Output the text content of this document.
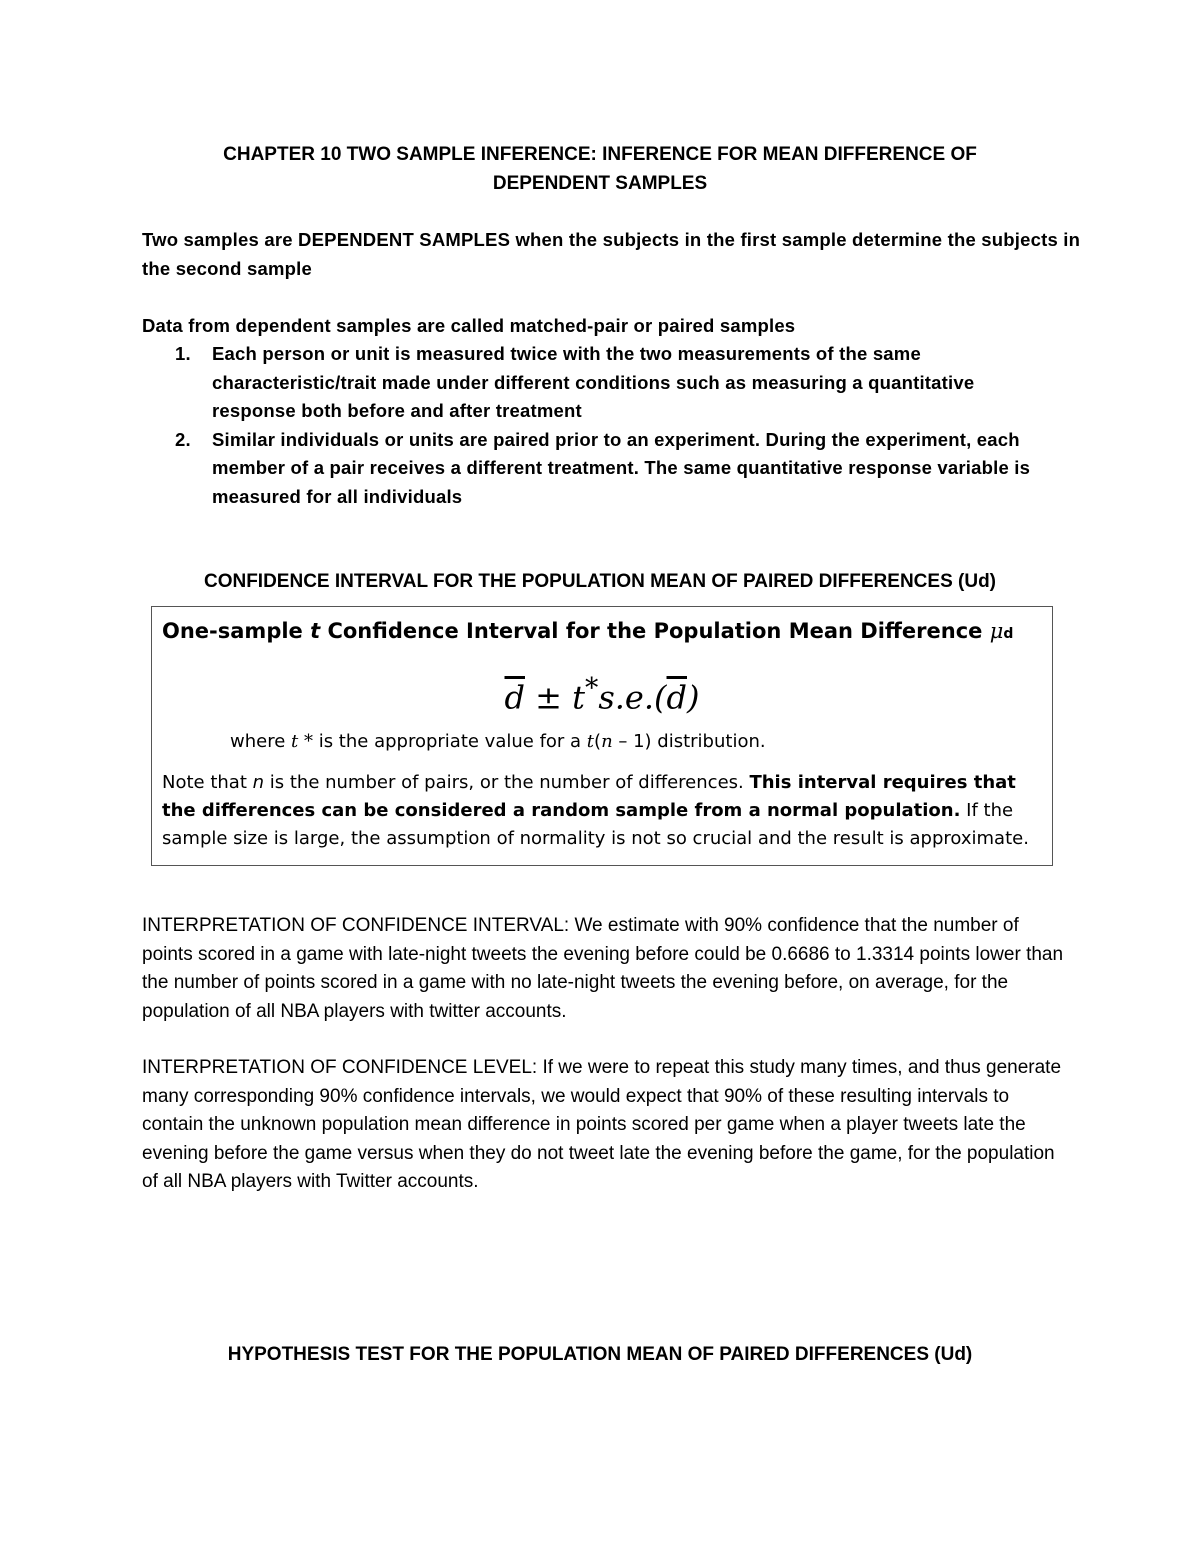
CHAPTER 10 TWO SAMPLE INFERENCE: INFERENCE FOR MEAN DIFFERENCE OF
DEPENDENT SAMPLES

Two samples are DEPENDENT SAMPLES when the subjects in the first sample determine the subjects in the second sample

Data from dependent samples are called matched-pair or paired samples

1. Each person or unit is measured twice with the two measurements of the same characteristic/trait made under different conditions such as measuring a quantitative response both before and after treatment
2. Similar individuals or units are paired prior to an experiment. During the experiment, each member of a pair receives a different treatment. The same quantitative response variable is measured for all individuals
CONFIDENCE INTERVAL FOR THE POPULATION MEAN OF PAIRED DIFFERENCES (Ud)

One-sample t Confidence Interval for the Population Mean Difference μd

$\overline{d} \pm t^*s.e.(\overline{d})$

where t * is the appropriate value for a t(n – 1) distribution.

Note that n is the number of pairs, or the number of differences. This interval requires that the differences can be considered a random sample from a normal population. If the sample size is large, the assumption of normality is not so crucial and the result is approximate.

INTERPRETATION OF CONFIDENCE INTERVAL: We estimate with 90% confidence that the number of points scored in a game with late-night tweets the evening before could be 0.6686 to 1.3314 points lower than the number of points scored in a game with no late-night tweets the evening before, on average, for the population of all NBA players with twitter accounts.

INTERPRETATION OF CONFIDENCE LEVEL: If we were to repeat this study many times, and thus generate many corresponding 90% confidence intervals, we would expect that 90% of these resulting intervals to contain the unknown population mean difference in points scored per game when a player tweets late the evening before the game versus when they do not tweet late the evening before the game, for the population of all NBA players with Twitter accounts.

HYPOTHESIS TEST FOR THE POPULATION MEAN OF PAIRED DIFFERENCES (Ud)
